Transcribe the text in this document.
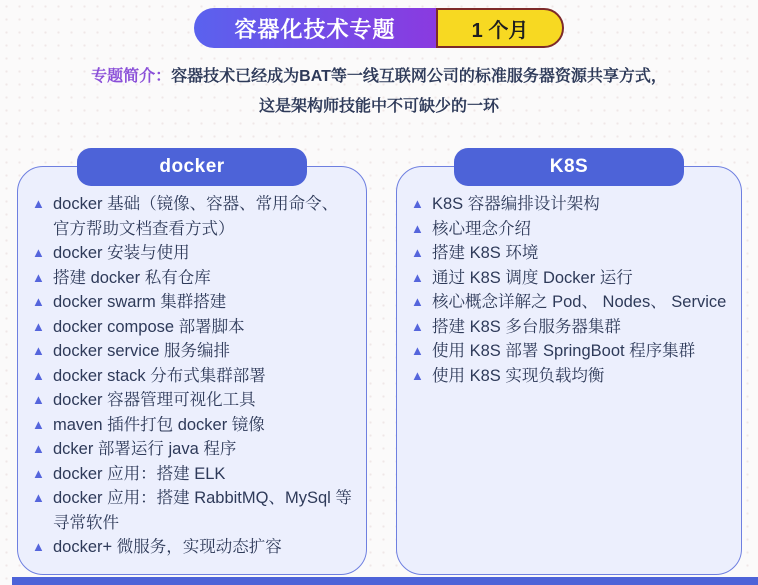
容器化技术专题	1 个月
专题简介：容器技术已经成为BAT等一线互联网公司的标准服务器资源共享方式，
这是架构师技能中不可缺少的一环
docker
▲ docker 基础（镜像、容器、常用命令、官方帮助文档查看方式）
▲ docker 安装与使用
▲ 搭建 docker 私有仓库
▲ docker swarm 集群搭建
▲ docker compose 部署脚本
▲ docker service 服务编排
▲ docker stack 分布式集群部署
▲ docker 容器管理可视化工具
▲ maven 插件打包 docker 镜像
▲ dcker 部署运行 java 程序
▲ docker 应用：搭建 ELK
▲ docker 应用：搭建 RabbitMQ、MySql 等寻常软件
▲ docker+ 微服务，实现动态扩容
K8S
▲ K8S 容器编排设计架构
▲ 核心理念介绍
▲ 搭建 K8S 环境
▲ 通过 K8S 调度 Docker 运行
▲ 核心概念详解之 Pod、 Nodes、 Service
▲ 搭建 K8S 多台服务器集群
▲ 使用 K8S 部署 SpringBoot 程序集群
▲ 使用 K8S 实现负载均衡
